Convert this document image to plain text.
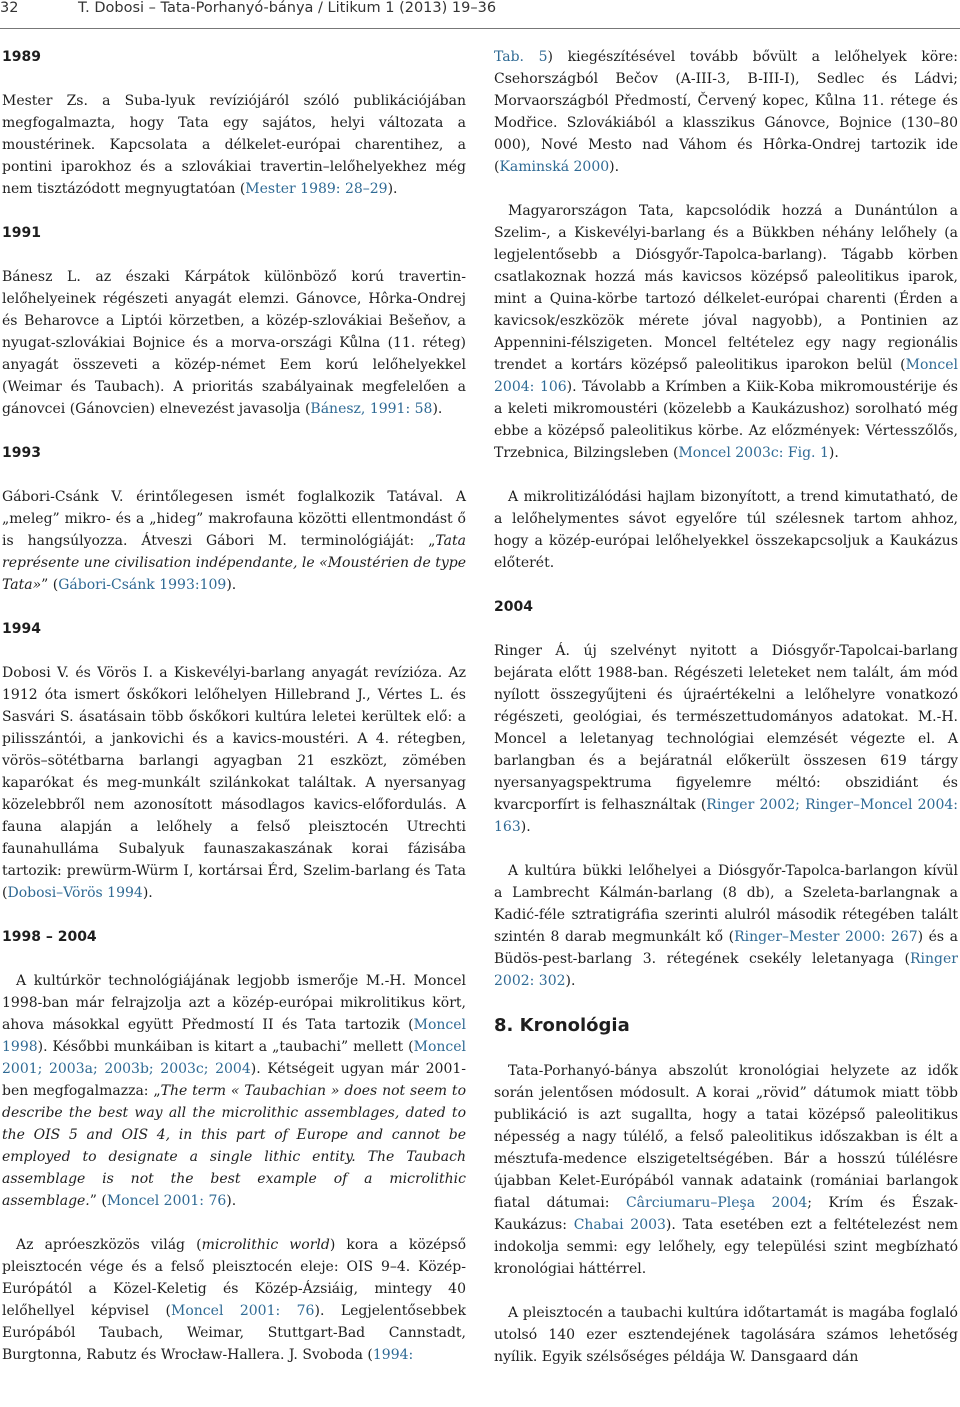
32	T. Dobosi – Tata-Porhanyó-bánya / Litikum 1 (2013) 19–36
1989

Mester Zs. a Suba-lyuk revíziójáról szóló publikációjában megfogalmazta, hogy Tata egy sajátos, helyi változata a moustérinek. Kapcsolata a délkelet-európai charentihez, a pontini iparokhoz és a szlovákiai travertin–lelőhelyekhez még nem tisztázódott megnyugtatóan (Mester 1989: 28–29).

1991

Bánesz L. az északi Kárpátok különböző korú travertin-lelőhelyeinek régészeti anyagát elemzi. Gánovce, Hôrka-Ondrej és Beharovce a Liptói körzetben, a közép-szlovákiai Bešeňov, a nyugat-szlovákiai Bojnice és a morva-országi Kůlna (11. réteg) anyagát összeveti a közép-német Eem korú lelőhelyekkel (Weimar és Taubach). A prioritás szabályainak megfelelően a gánovcei (Gánovcien) elnevezést javasolja (Bánesz, 1991: 58).

1993

Gábori-Csánk V. érintőlegesen ismét foglalkozik Tatával. A „meleg” mikro- és a „hideg” makrofauna közötti ellentmondást ő is hangsúlyozza. Átveszi Gábori M. terminológiáját: „Tata représente une civilisation indépendante, le «Moustérien de type Tata»” (Gábori-Csánk 1993:109).

1994

Dobosi V. és Vörös I. a Kiskevélyi-barlang anyagát revízióza. Az 1912 óta ismert őskőkori lelőhelyen Hillebrand J., Vértes L. és Sasvári S. ásatásain több őskőkori kultúra leletei kerültek elő: a pilisszántói, a jankovichi és a kavics-moustéri. A 4. rétegben, vörös–sötétbarna barlangi agyagban 21 eszközt, zömében kaparókat és meg-munkált szilánkokat találtak. A nyersanyag közelebbről nem azonosított másodlagos kavics-előfordulás. A fauna alapján a lelőhely a felső pleisztocén Utrechti faunahulláma Subalyuk faunaszakaszának korai fázisába tartozik: prewürm-Würm I, kortársai Érd, Szelim-barlang és Tata (Dobosi–Vörös 1994).

1998 – 2004

A kultúrkör technológiájának legjobb ismerője M.-H. Moncel 1998-ban már felrajzolja azt a közép-európai mikrolitikus kört, ahova másokkal együtt Předmostí II és Tata tartozik (Moncel 1998). Későbbi munkáiban is kitart a „taubachi” mellett (Moncel 2001; 2003a; 2003b; 2003c; 2004). Kétségeit ugyan már 2001-ben megfogalmazza: „The term « Taubachian » does not seem to describe the best way all the microlithic assemblages, dated to the OIS 5 and OIS 4, in this part of Europe and cannot be employed to designate a single lithic entity. The Taubach assemblage is not the best example of a microlithic assemblage.” (Moncel 2001: 76).

Az apróeszközös világ (microlithic world) kora a középső pleisztocén vége és a felső pleisztocén eleje: OIS 9–4. Közép-Európától a Közel-Keletig és Közép-Ázsiáig, mintegy 40 lelőhellyel képvisel (Moncel 2001: 76). Legjelentősebbek Európából Taubach, Weimar, Stuttgart-Bad Cannstadt, Burgtonna, Rabutz és Wrocław-Hallera. J. Svoboda (1994:

Tab. 5) kiegészítésével tovább bővült a lelőhelyek köre: Csehországból Bečov (A-III-3, B-III-I), Sedlec és Ládvi; Morvaországból Předmostí, Červený kopec, Kůlna 11. rétege és Modřice. Szlovákiából a klasszikus Gánovce, Bojnice (130–80 000), Nové Mesto nad Váhom és Hôrka-Ondrej tartozik ide (Kaminská 2000).

Magyarországon Tata, kapcsolódik hozzá a Dunántúlon a Szelim-, a Kiskevélyi-barlang és a Bükkben néhány lelőhely (a legjelentősebb a Diósgyőr-Tapolca-barlang). Tágabb körben csatlakoznak hozzá más kavicsos középső paleolitikus iparok, mint a Quina-körbe tartozó délkelet-európai charenti (Érden a kavicsok/eszközök mérete jóval nagyobb), a Pontinien az Appennini-félszigeten. Moncel feltételez egy nagy regionális trendet a kortárs középső paleolitikus iparokon belül (Moncel 2004: 106). Távolabb a Krímben a Kiik-Koba mikromoustérije és a keleti mikromoustéri (közelebb a Kaukázushoz) sorolható még ebbe a középső paleolitikus körbe. Az előzmények: Vértesszőlős, Trzebnica, Bilzingsleben (Moncel 2003c: Fig. 1).

A mikrolitizálódási hajlam bizonyított, a trend kimutatható, de a lelőhelymentes sávot egyelőre túl szélesnek tartom ahhoz, hogy a közép-európai lelőhelyekkel összekapcsoljuk a Kaukázus előterét.

2004

Ringer Á. új szelvényt nyitott a Diósgyőr-Tapolcai-barlang bejárata előtt 1988-ban. Régészeti leleteket nem talált, ám mód nyílott összegyűjteni és újraértékelni a lelőhelyre vonatkozó régészeti, geológiai, és természettudományos adatokat. M.-H. Moncel a leletanyag technológiai elemzését végezte el. A barlangban és a bejáratnál előkerült összesen 619 tárgy nyersanyagspektruma figyelemre méltó: obszidiánt és kvarcporfírt is felhasználtak (Ringer 2002; Ringer–Moncel 2004: 163).

A kultúra bükki lelőhelyei a Diósgyőr-Tapolca-barlangon kívül a Lambrecht Kálmán-barlang (8 db), a Szeleta-barlangnak a Kadić-féle sztratigráfia szerinti alulról második rétegében talált szintén 8 darab megmunkált kő (Ringer–Mester 2000: 267) és a Büdös-pest-barlang 3. rétegének csekély leletanyaga (Ringer 2002: 302).

8. Kronológia

Tata-Porhanyó-bánya abszolút kronológiai helyzete az idők során jelentősen módosult. A korai „rövid” dátumok miatt több publikáció is azt sugallta, hogy a tatai középső paleolitikus népesség a nagy túlélő, a felső paleolitikus időszakban is élt a mésztufa-medence elszigeteltségében. Bár a hosszú túlélésre újabban Kelet-Európából vannak adataink (romániai barlangok fiatal dátumai: Cârciumaru–Pleşa 2004; Krím és Észak-Kaukázus: Chabai 2003). Tata esetében ezt a feltételezést nem indokolja semmi: egy lelőhely, egy települési szint megbízható kronológiai háttérrel.

A pleisztocén a taubachi kultúra időtartamát is magába foglaló utolsó 140 ezer esztendejének tagolására számos lehetőség nyílik. Egyik szélsőséges példája W. Dansgaard dán
